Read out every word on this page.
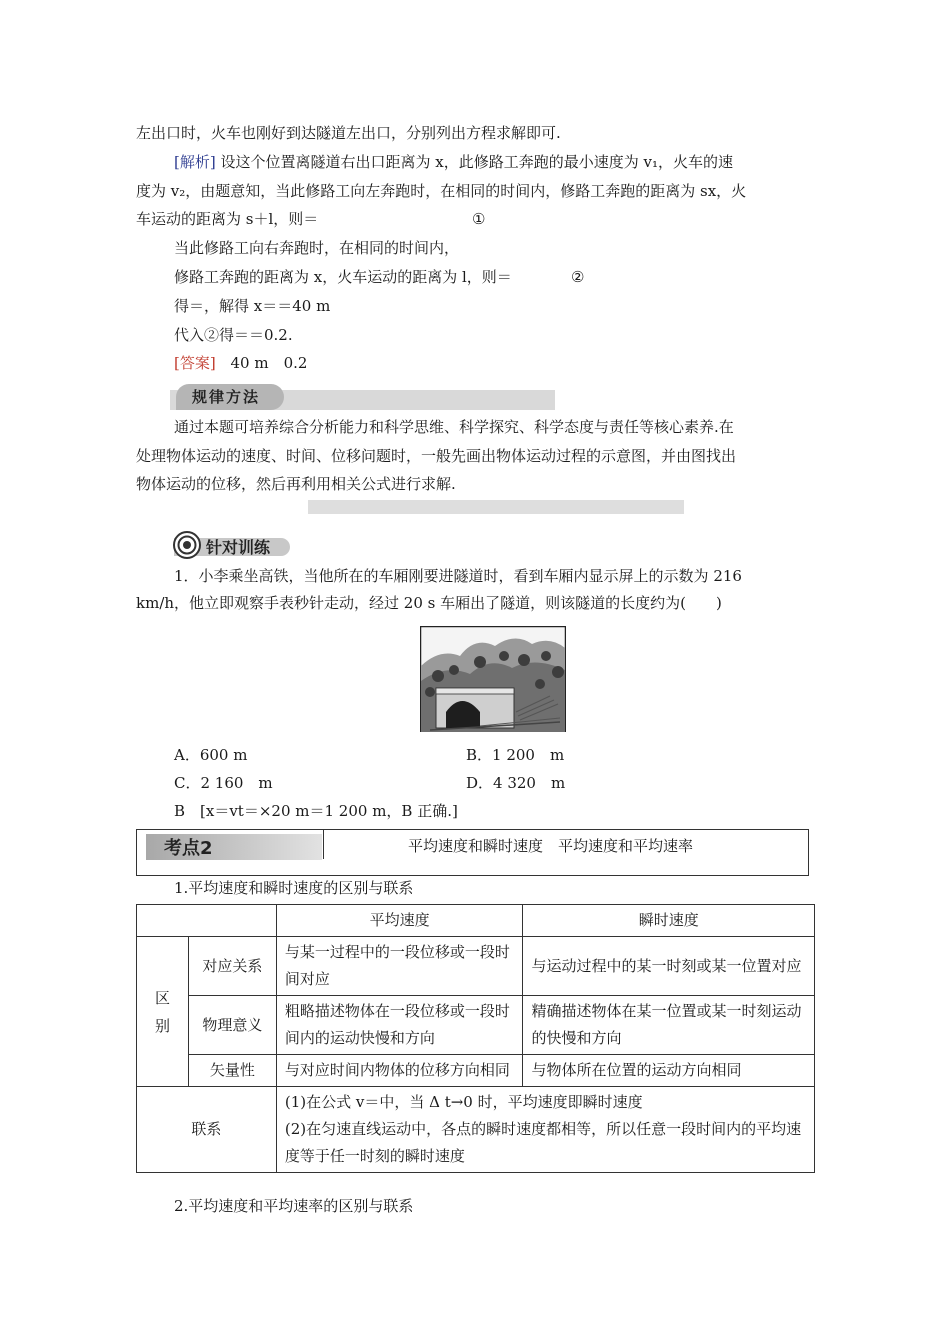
左出口时，火车也刚好到达隧道左出口，分别列出方程求解即可.
[解析] 设这个位置离隧道右出口距离为 x，此修路工奔跑的最小速度为 v₁，火车的速
度为 v₂，由题意知，当此修路工向左奔跑时，在相同的时间内，修路工奔跑的距离为 sx，火
车运动的距离为 s＋l，则＝	①
当此修路工向右奔跑时，在相同的时间内，
修路工奔跑的距离为 x，火车运动的距离为 l，则＝	②
得＝，解得 x＝＝40 m
代入②得＝＝0.2.
[答案] 40 m　0.2
规律方法
通过本题可培养综合分析能力和科学思维、科学探究、科学态度与责任等核心素养.在
处理物体运动的速度、时间、位移问题时，一般先画出物体运动过程的示意图，并由图找出
物体运动的位移，然后再利用相关公式进行求解.
针对训练
1．小李乘坐高铁，当他所在的车厢刚要进隧道时，看到车厢内显示屏上的示数为 216
km/h，他立即观察手表秒针走动，经过 20 s 车厢出了隧道，则该隧道的长度约为(　　)
A．600 m	B．1 200　m
C．2 160　m	D．4 320　m
B　[x＝vt＝×20 m＝1 200 m，B 正确.]
考点2	平均速度和瞬时速度　平均速度和平均速率
1.平均速度和瞬时速度的区别与联系
		平均速度	瞬时速度
区
别	对应关系	与某一过程中的一段位移或一段时间对应	与运动过程中的某一时刻或某一位置对应
	物理意义	粗略描述物体在一段位移或一段时间内的运动快慢和方向	精确描述物体在某一位置或某一时刻运动的快慢和方向
	矢量性	与对应时间内物体的位移方向相同	与物体所在位置的运动方向相同
联系		(1)在公式 v＝中，当 Δ t→0 时，平均速度即瞬时速度
(2)在匀速直线运动中，各点的瞬时速度都相等，所以任意一段时间内的平均速度等于任一时刻的瞬时速度	
2.平均速度和平均速率的区别与联系
